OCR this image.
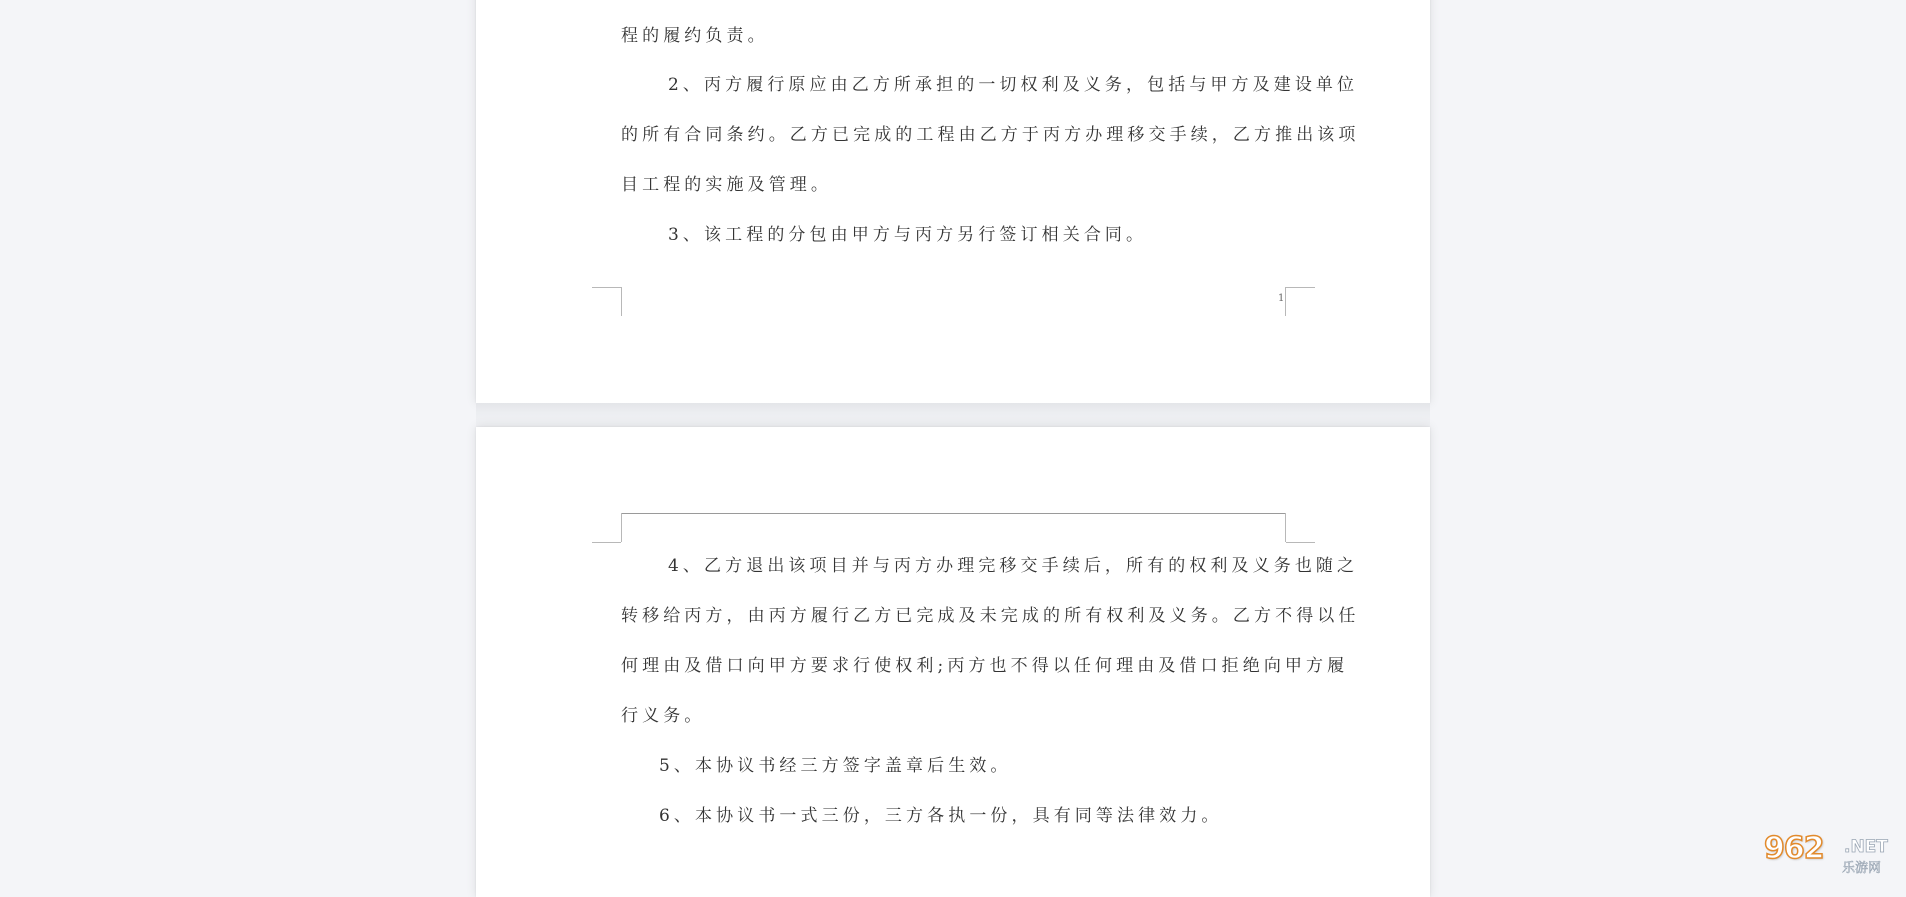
程的履约负责。
2、丙方履行原应由乙方所承担的一切权利及义务，包括与甲方及建设单位
的所有合同条约。乙方已完成的工程由乙方于丙方办理移交手续，乙方推出该项
目工程的实施及管理。
3、该工程的分包由甲方与丙方另行签订相关合同。
1
4、乙方退出该项目并与丙方办理完移交手续后，所有的权利及义务也随之
转移给丙方，由丙方履行乙方已完成及未完成的所有权利及义务。乙方不得以任
何理由及借口向甲方要求行使权利;丙方也不得以任何理由及借口拒绝向甲方履
行义务。
5、本协议书经三方签字盖章后生效。
6、本协议书一式三份，三方各执一份，具有同等法律效力。
962 .NET
乐游网
